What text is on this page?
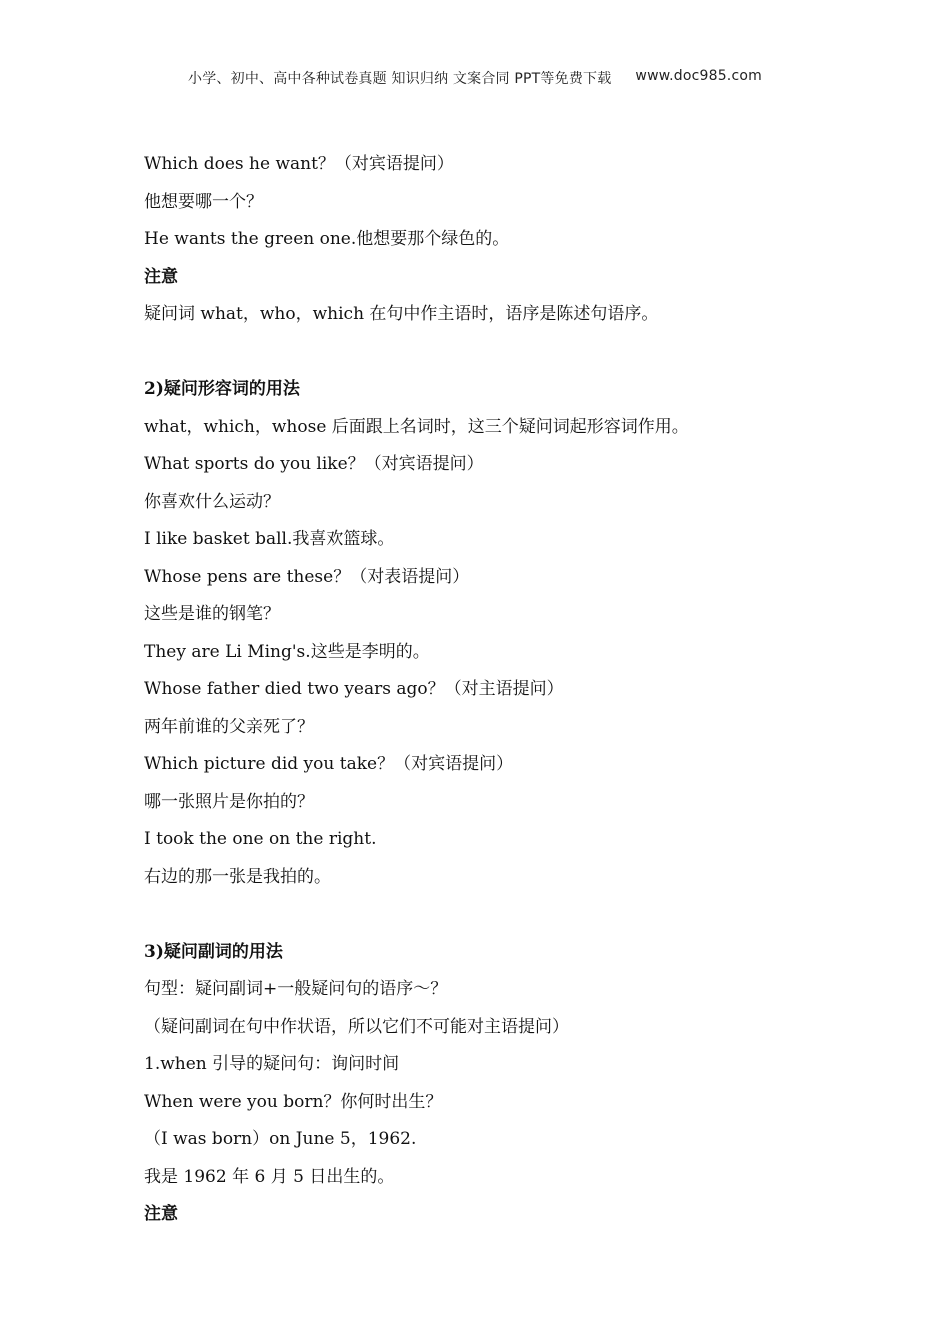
小学、初中、高中各种试卷真题 知识归纳 文案合同 PPT等免费下载 www.doc985.com
Which does he want？（对宾语提问）
他想要哪一个？
He wants the green one.他想要那个绿色的。
注意
疑问词 what，who，which 在句中作主语时，语序是陈述句语序。
2)疑问形容词的用法
what，which，whose 后面跟上名词时，这三个疑问词起形容词作用。
What sports do you like？（对宾语提问）
你喜欢什么运动？
I like basket ball.我喜欢篮球。
Whose pens are these？（对表语提问）
这些是谁的钢笔？
They are Li Ming's.这些是李明的。
Whose father died two years ago？（对主语提问）
两年前谁的父亲死了？
Which picture did you take？（对宾语提问）
哪一张照片是你拍的？
I took the one on the right.
右边的那一张是我拍的。
3)疑问副词的用法
句型：疑问副词+一般疑问句的语序～？
（疑问副词在句中作状语，所以它们不可能对主语提问）
1.when 引导的疑问句：询问时间
When were you born？你何时出生？
（I was born）on June 5，1962.
我是 1962 年 6 月 5 日出生的。
注意
